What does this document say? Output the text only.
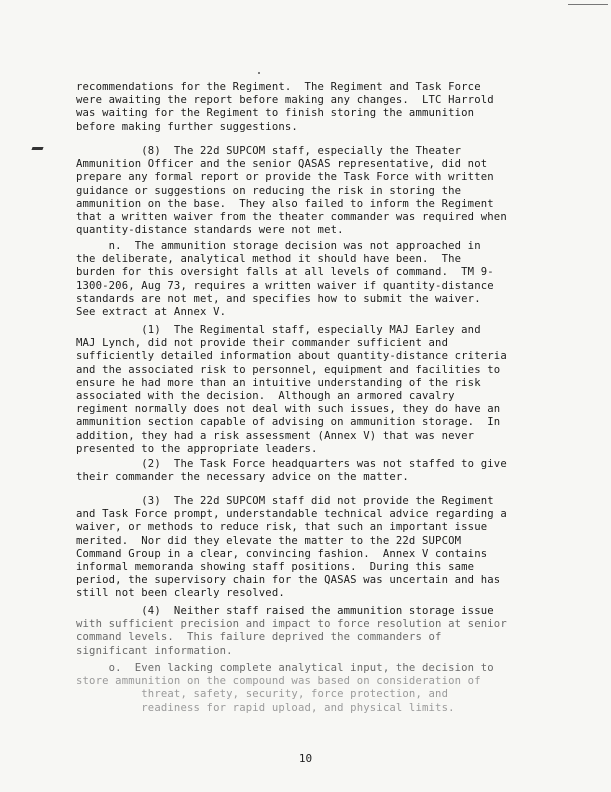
recommendations for the Regiment.  The Regiment and Task Force
were awaiting the report before making any changes.  LTC Harrold
was waiting for the Regiment to finish storing the ammunition
before making further suggestions.

(8)  The 22d SUPCOM staff, especially the Theater
Ammunition Officer and the senior QASAS representative, did not
prepare any formal report or provide the Task Force with written
guidance or suggestions on reducing the risk in storing the
ammunition on the base.  They also failed to inform the Regiment
that a written waiver from the theater commander was required when
quantity-distance standards were not met.

n.  The ammunition storage decision was not approached in
the deliberate, analytical method it should have been.  The
burden for this oversight falls at all levels of command.  TM 9-
1300-206, Aug 73, requires a written waiver if quantity-distance
standards are not met, and specifies how to submit the waiver.
See extract at Annex V.

(1)  The Regimental staff, especially MAJ Earley and
MAJ Lynch, did not provide their commander sufficient and
sufficiently detailed information about quantity-distance criteria
and the associated risk to personnel, equipment and facilities to
ensure he had more than an intuitive understanding of the risk
associated with the decision.  Although an armored cavalry
regiment normally does not deal with such issues, they do have an
ammunition section capable of advising on ammunition storage.  In
addition, they had a risk assessment (Annex V) that was never
presented to the appropriate leaders.

(2)  The Task Force headquarters was not staffed to give
their commander the necessary advice on the matter.

(3)  The 22d SUPCOM staff did not provide the Regiment
and Task Force prompt, understandable technical advice regarding a
waiver, or methods to reduce risk, that such an important issue
merited.  Nor did they elevate the matter to the 22d SUPCOM
Command Group in a clear, convincing fashion.  Annex V contains
informal memoranda showing staff positions.  During this same
period, the supervisory chain for the QASAS was uncertain and has
still not been clearly resolved.

(4)  Neither staff raised the ammunition storage issue
with sufficient precision and impact to force resolution at senior
command levels.  This failure deprived the commanders of
significant information.

o.  Even lacking complete analytical input, the decision to
store ammunition on the compound was based on consideration of
threat, safety, security, force protection, and
readiness for rapid upload, and physical limits.

10
